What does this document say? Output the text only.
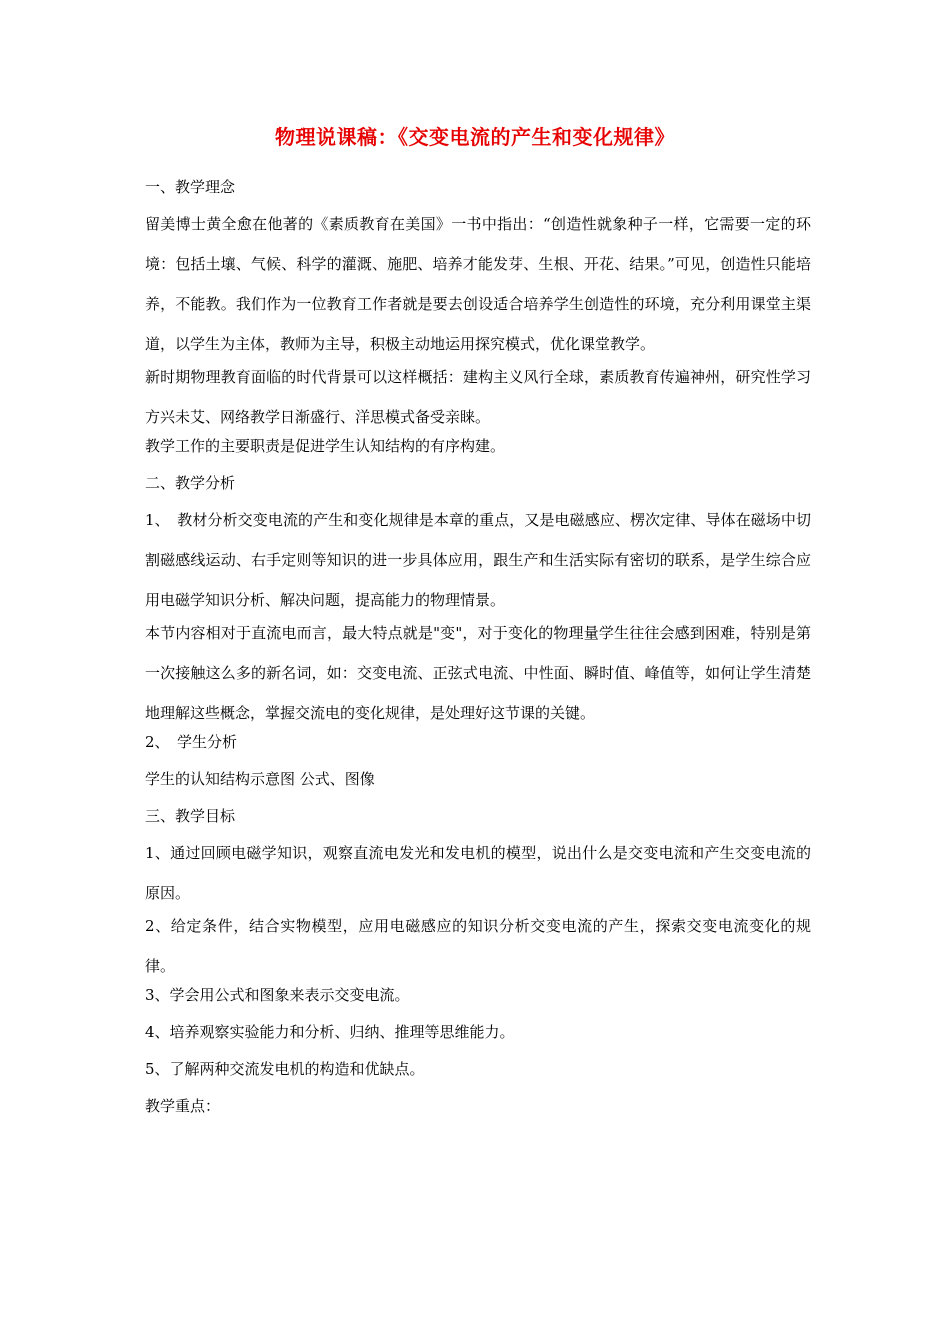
物理说课稿：《交变电流的产生和变化规律》

一、教学理念

留美博士黄全愈在他著的《素质教育在美国》一书中指出：“创造性就象种子一样，它需要一定的环境：包括土壤、气候、科学的灌溉、施肥、培养才能发芽、生根、开花、结果。”可见，创造性只能培养，不能教。我们作为一位教育工作者就是要去创设适合培养学生创造性的环境，充分利用课堂主渠道，以学生为主体，教师为主导，积极主动地运用探究模式，优化课堂教学。

新时期物理教育面临的时代背景可以这样概括：建构主义风行全球，素质教育传遍神州，研究性学习方兴未艾、网络教学日渐盛行、洋思模式备受亲睐。

教学工作的主要职责是促进学生认知结构的有序构建。

二、教学分析

1、　教材分析交变电流的产生和变化规律是本章的重点，又是电磁感应、楞次定律、导体在磁场中切割磁感线运动、右手定则等知识的进一步具体应用，跟生产和生活实际有密切的联系，是学生综合应用电磁学知识分析、解决问题，提高能力的物理情景。

本节内容相对于直流电而言，最大特点就是"变"，对于变化的物理量学生往往会感到困难，特别是第一次接触这么多的新名词，如：交变电流、正弦式电流、中性面、瞬时值、峰值等，如何让学生清楚地理解这些概念，掌握交流电的变化规律，是处理好这节课的关键。

2、　学生分析

学生的认知结构示意图 公式、图像

三、教学目标

1、通过回顾电磁学知识，观察直流电发光和发电机的模型，说出什么是交变电流和产生交变电流的原因。

2、给定条件，结合实物模型，应用电磁感应的知识分析交变电流的产生，探索交变电流变化的规律。

3、学会用公式和图象来表示交变电流。

4、培养观察实验能力和分析、归纳、推理等思维能力。

5、了解两种交流发电机的构造和优缺点。

教学重点：
